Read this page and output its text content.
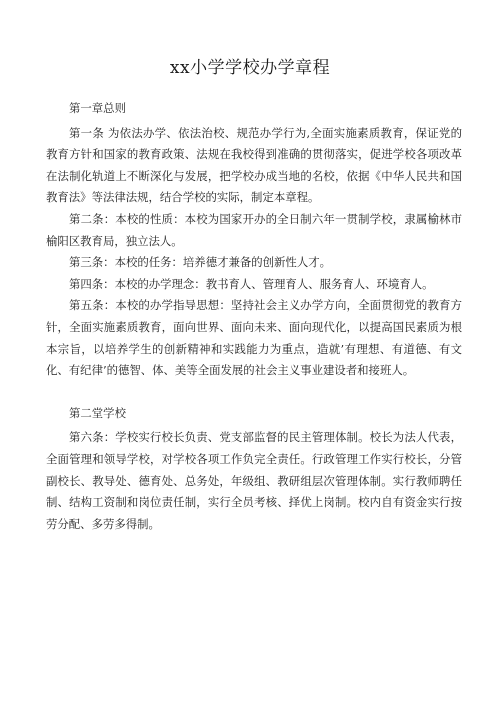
xx小学学校办学章程

第一章总则

第一条 为依法办学、依法治校、规范办学行为,全面实施素质教育，保证党的教育方针和国家的教育政策、法规在我校得到准确的贯彻落实，促进学校各项改革在法制化轨道上不断深化与发展，把学校办成当地的名校，依据《中华人民共和国教育法》等法律法规，结合学校的实际，制定本章程。

第二条：本校的性质：本校为国家开办的全日制六年一贯制学校，隶属榆林市榆阳区教育局，独立法人。

第三条：本校的任务：培养德才兼备的创新性人才。

第四条：本校的办学理念：教书育人、管理育人、服务育人、环境育人。

第五条：本校的办学指导思想：坚持社会主义办学方向，全面贯彻党的教育方针，全面实施素质教育，面向世界、面向未来、面向现代化，以提高国民素质为根本宗旨，以培养学生的创新精神和实践能力为重点，造就’有理想、有道德、有文化、有纪律’的德智、体、美等全面发展的社会主义事业建设者和接班人。

第二堂学校

第六条：学校实行校长负责、党支部监督的民主管理体制。校长为法人代表，全面管理和领导学校，对学校各项工作负完全责任。行政管理工作实行校长，分管副校长、教导处、德育处、总务处，年级组、教研组层次管理体制。实行教师聘任制、结构工资制和岗位责任制，实行全员考核、择优上岗制。校内自有资金实行按劳分配、多劳多得制。
